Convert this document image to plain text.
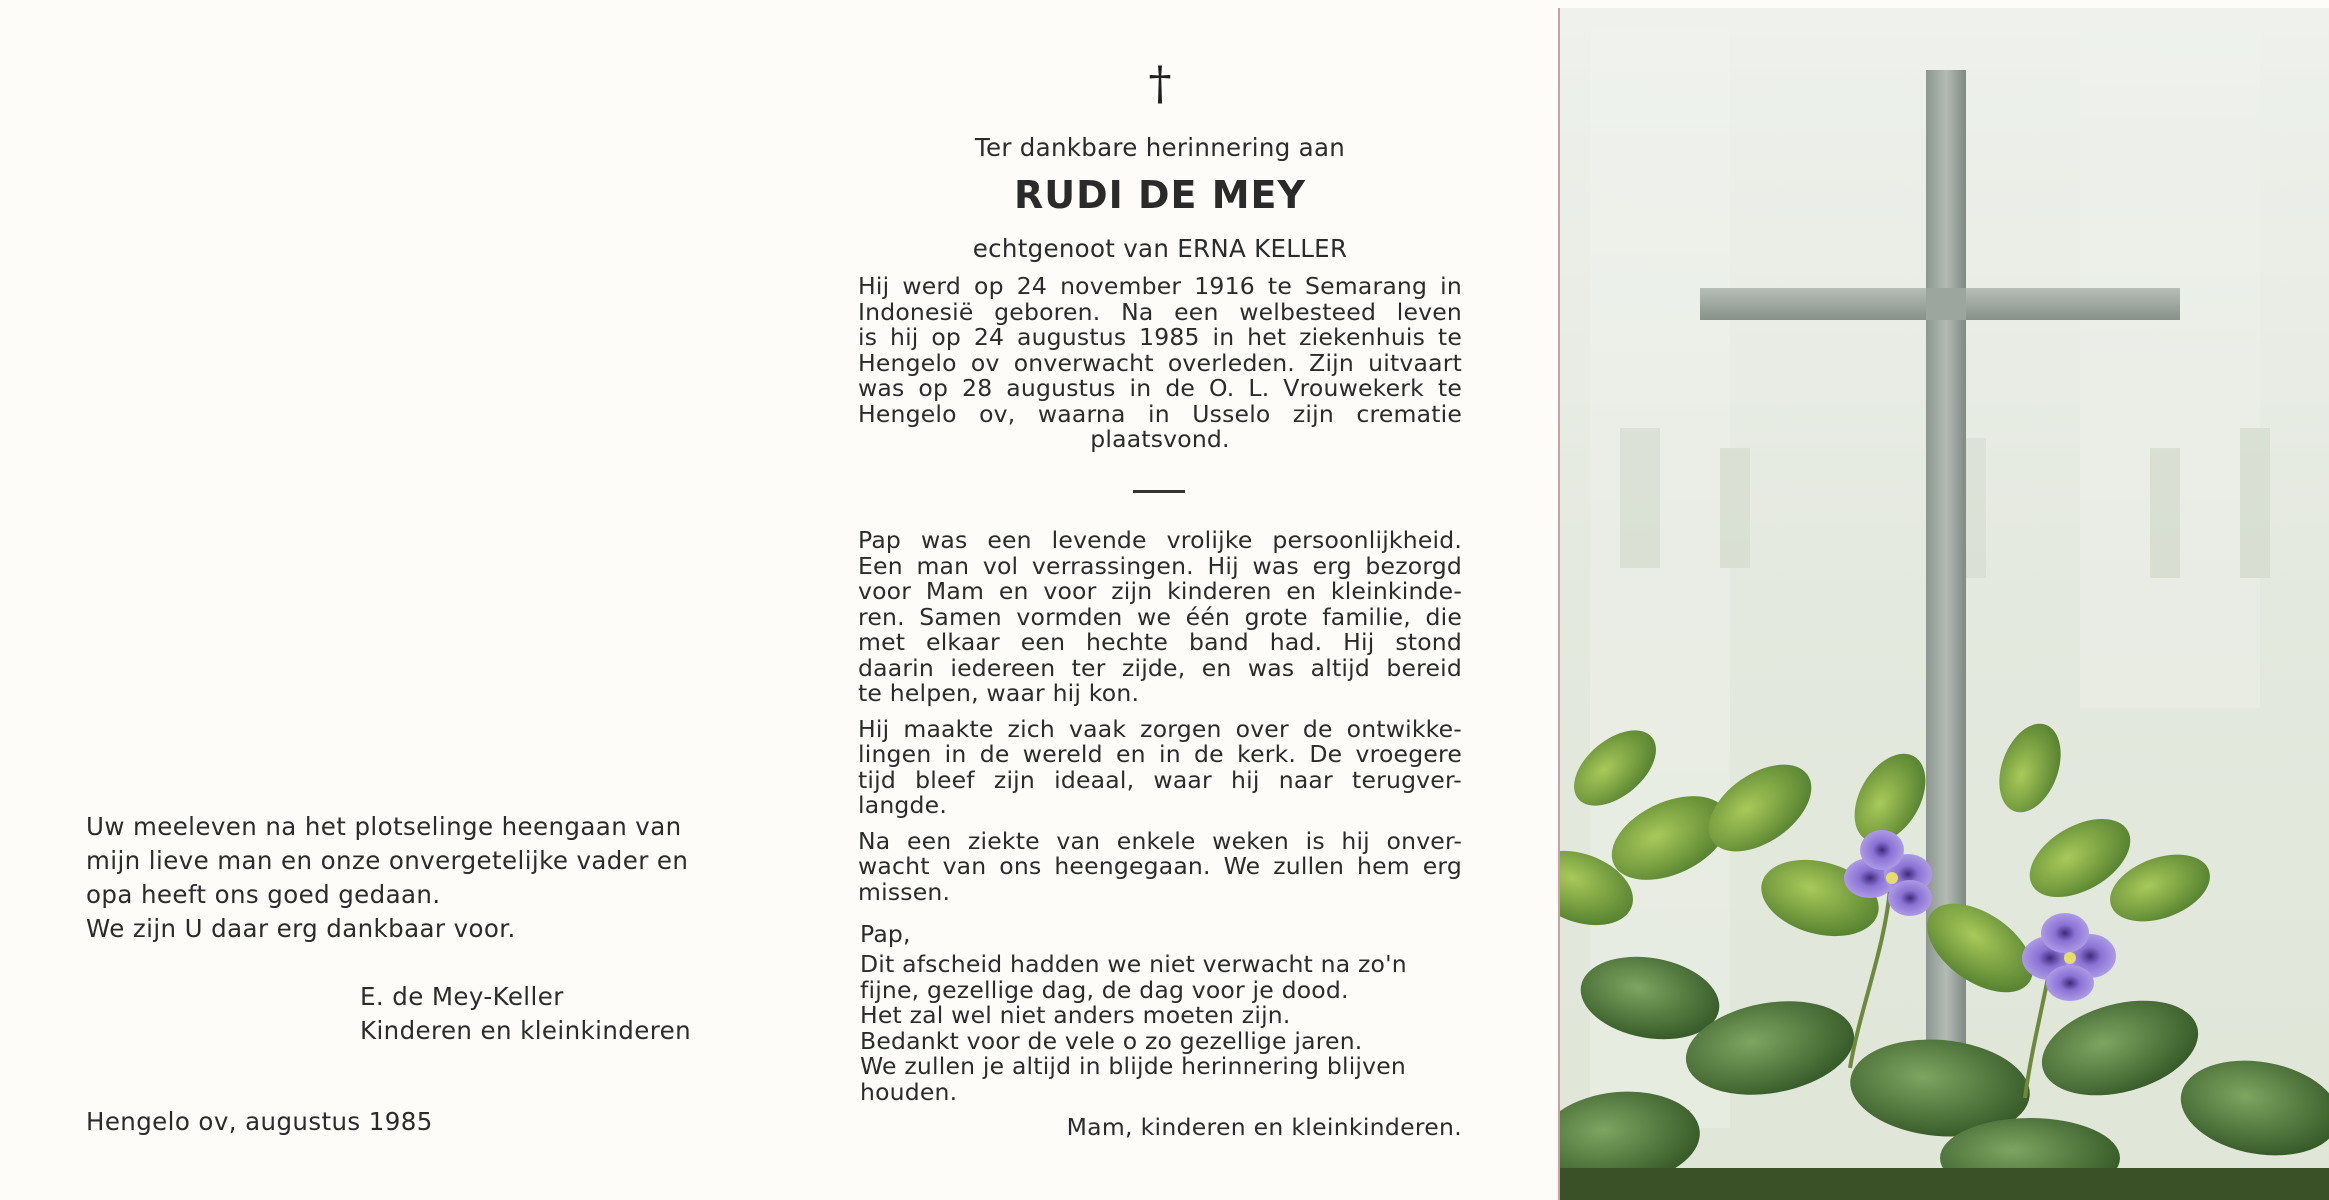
Uw meeleven na het plotselinge heengaan van

mijn lieve man en onze onvergetelijke vader en

opa heeft ons goed gedaan.

We zijn U daar erg dankbaar voor.

E. de Mey-Keller
Kinderen en kleinkinderen
Hengelo ov, augustus 1985
†
Ter dankbare herinnering aan
RUDI DE MEY
echtgenoot van ERNA KELLER
Hij werd op 24 november 1916 te Semarang in
Indonesië geboren. Na een welbesteed leven
is hij op 24 augustus 1985 in het ziekenhuis te
Hengelo ov onverwacht overleden. Zijn uitvaart
was op 28 augustus in de O. L. Vrouwekerk te
Hengelo ov, waarna in Usselo zijn crematie
plaatsvond.
Pap was een levende vrolijke persoonlijkheid.
Een man vol verrassingen. Hij was erg bezorgd
voor Mam en voor zijn kinderen en kleinkinde-
ren. Samen vormden we één grote familie, die
met elkaar een hechte band had. Hij stond
daarin iedereen ter zijde, en was altijd bereid
te helpen, waar hij kon.
Hij maakte zich vaak zorgen over de ontwikke-
lingen in de wereld en in de kerk. De vroegere
tijd bleef zijn ideaal, waar hij naar terugver-
langde.
Na een ziekte van enkele weken is hij onver-
wacht van ons heengegaan. We zullen hem erg
missen.
Pap,
Dit afscheid hadden we niet verwacht na zo'n
fijne, gezellige dag, de dag voor je dood.
Het zal wel niet anders moeten zijn.
Bedankt voor de vele o zo gezellige jaren.
We zullen je altijd in blijde herinnering blijven
houden.
Mam, kinderen en kleinkinderen.
